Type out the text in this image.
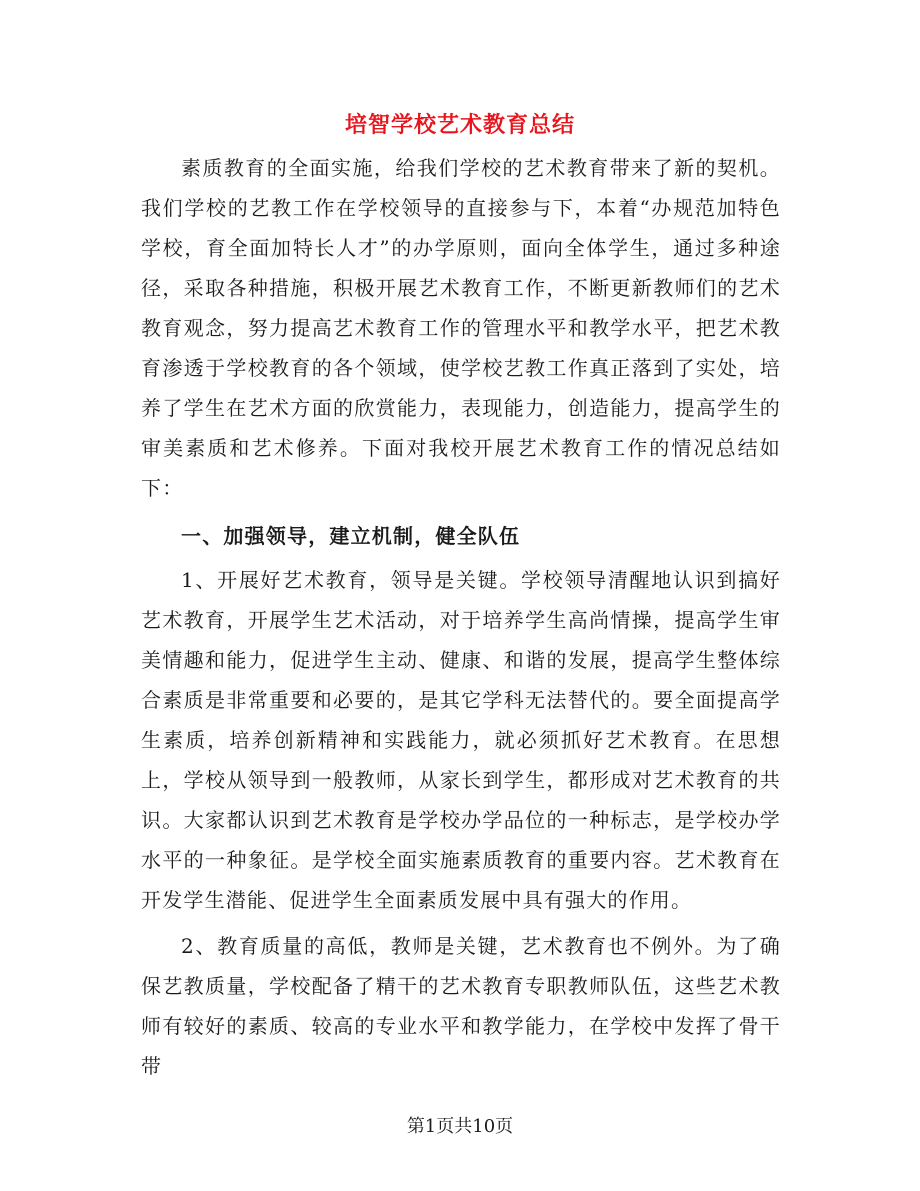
培智学校艺术教育总结

素质教育的全面实施，给我们学校的艺术教育带来了新的契机。我们学校的艺教工作在学校领导的直接参与下，本着“办规范加特色学校，育全面加特长人才”的办学原则，面向全体学生，通过多种途径，采取各种措施，积极开展艺术教育工作，不断更新教师们的艺术教育观念，努力提高艺术教育工作的管理水平和教学水平，把艺术教育渗透于学校教育的各个领域，使学校艺教工作真正落到了实处，培养了学生在艺术方面的欣赏能力，表现能力，创造能力，提高学生的审美素质和艺术修养。下面对我校开展艺术教育工作的情况总结如下：

一、加强领导，建立机制，健全队伍

1、开展好艺术教育，领导是关键。学校领导清醒地认识到搞好艺术教育，开展学生艺术活动，对于培养学生高尚情操，提高学生审美情趣和能力，促进学生主动、健康、和谐的发展，提高学生整体综合素质是非常重要和必要的，是其它学科无法替代的。要全面提高学生素质，培养创新精神和实践能力，就必须抓好艺术教育。在思想上，学校从领导到一般教师，从家长到学生，都形成对艺术教育的共识。大家都认识到艺术教育是学校办学品位的一种标志，是学校办学水平的一种象征。是学校全面实施素质教育的重要内容。艺术教育在开发学生潜能、促进学生全面素质发展中具有强大的作用。

2、教育质量的高低，教师是关键，艺术教育也不例外。为了确保艺教质量，学校配备了精干的艺术教育专职教师队伍，这些艺术教师有较好的素质、较高的专业水平和教学能力，在学校中发挥了骨干带

第1页共10页
